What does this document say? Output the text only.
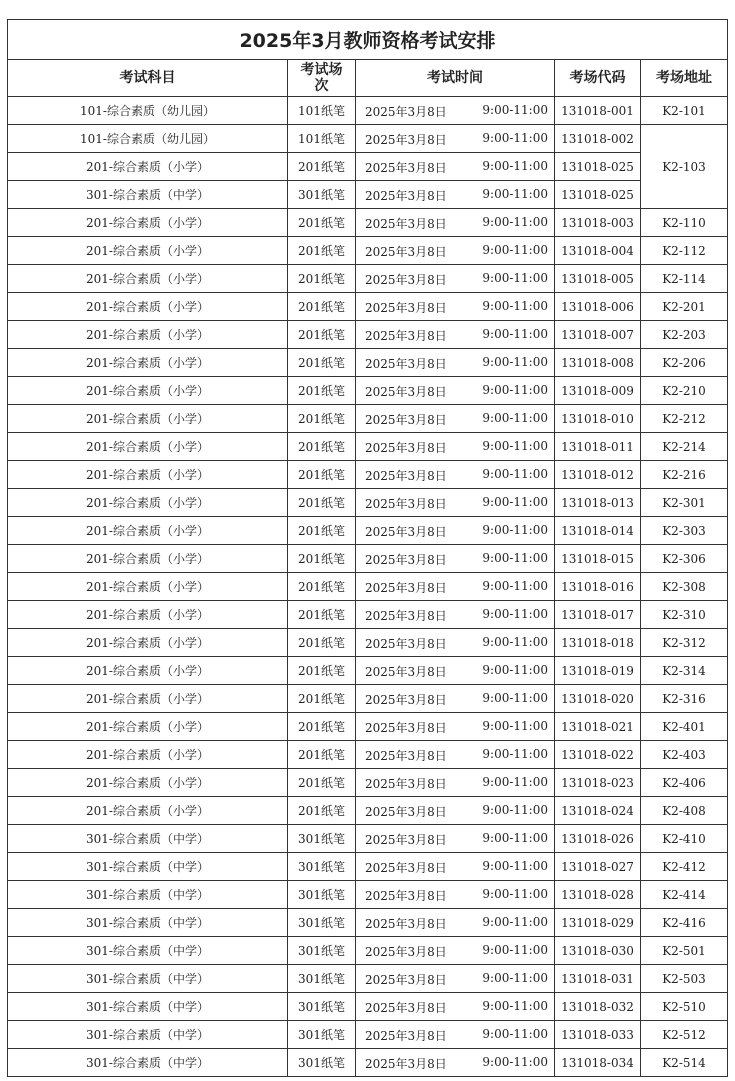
2025年3月教师资格考试安排				
考试科目	考试场次	考试时间	考场代码	考场地址
101-综合素质（幼儿园）	101纸笔	2025年3月8日 9:00-11:00	131018-001	K2-101
101-综合素质（幼儿园）	101纸笔	2025年3月8日 9:00-11:00	131018-002	K2-103
201-综合素质（小学）	201纸笔	2025年3月8日 9:00-11:00	131018-025	
301-综合素质（中学）	301纸笔	2025年3月8日 9:00-11:00	131018-025	
201-综合素质（小学）	201纸笔	2025年3月8日 9:00-11:00	131018-003	K2-110
201-综合素质（小学）	201纸笔	2025年3月8日 9:00-11:00	131018-004	K2-112
201-综合素质（小学）	201纸笔	2025年3月8日 9:00-11:00	131018-005	K2-114
201-综合素质（小学）	201纸笔	2025年3月8日 9:00-11:00	131018-006	K2-201
201-综合素质（小学）	201纸笔	2025年3月8日 9:00-11:00	131018-007	K2-203
201-综合素质（小学）	201纸笔	2025年3月8日 9:00-11:00	131018-008	K2-206
201-综合素质（小学）	201纸笔	2025年3月8日 9:00-11:00	131018-009	K2-210
201-综合素质（小学）	201纸笔	2025年3月8日 9:00-11:00	131018-010	K2-212
201-综合素质（小学）	201纸笔	2025年3月8日 9:00-11:00	131018-011	K2-214
201-综合素质（小学）	201纸笔	2025年3月8日 9:00-11:00	131018-012	K2-216
201-综合素质（小学）	201纸笔	2025年3月8日 9:00-11:00	131018-013	K2-301
201-综合素质（小学）	201纸笔	2025年3月8日 9:00-11:00	131018-014	K2-303
201-综合素质（小学）	201纸笔	2025年3月8日 9:00-11:00	131018-015	K2-306
201-综合素质（小学）	201纸笔	2025年3月8日 9:00-11:00	131018-016	K2-308
201-综合素质（小学）	201纸笔	2025年3月8日 9:00-11:00	131018-017	K2-310
201-综合素质（小学）	201纸笔	2025年3月8日 9:00-11:00	131018-018	K2-312
201-综合素质（小学）	201纸笔	2025年3月8日 9:00-11:00	131018-019	K2-314
201-综合素质（小学）	201纸笔	2025年3月8日 9:00-11:00	131018-020	K2-316
201-综合素质（小学）	201纸笔	2025年3月8日 9:00-11:00	131018-021	K2-401
201-综合素质（小学）	201纸笔	2025年3月8日 9:00-11:00	131018-022	K2-403
201-综合素质（小学）	201纸笔	2025年3月8日 9:00-11:00	131018-023	K2-406
201-综合素质（小学）	201纸笔	2025年3月8日 9:00-11:00	131018-024	K2-408
301-综合素质（中学）	301纸笔	2025年3月8日 9:00-11:00	131018-026	K2-410
301-综合素质（中学）	301纸笔	2025年3月8日 9:00-11:00	131018-027	K2-412
301-综合素质（中学）	301纸笔	2025年3月8日 9:00-11:00	131018-028	K2-414
301-综合素质（中学）	301纸笔	2025年3月8日 9:00-11:00	131018-029	K2-416
301-综合素质（中学）	301纸笔	2025年3月8日 9:00-11:00	131018-030	K2-501
301-综合素质（中学）	301纸笔	2025年3月8日 9:00-11:00	131018-031	K2-503
301-综合素质（中学）	301纸笔	2025年3月8日 9:00-11:00	131018-032	K2-510
301-综合素质（中学）	301纸笔	2025年3月8日 9:00-11:00	131018-033	K2-512
301-综合素质（中学）	301纸笔	2025年3月8日 9:00-11:00	131018-034	K2-514
